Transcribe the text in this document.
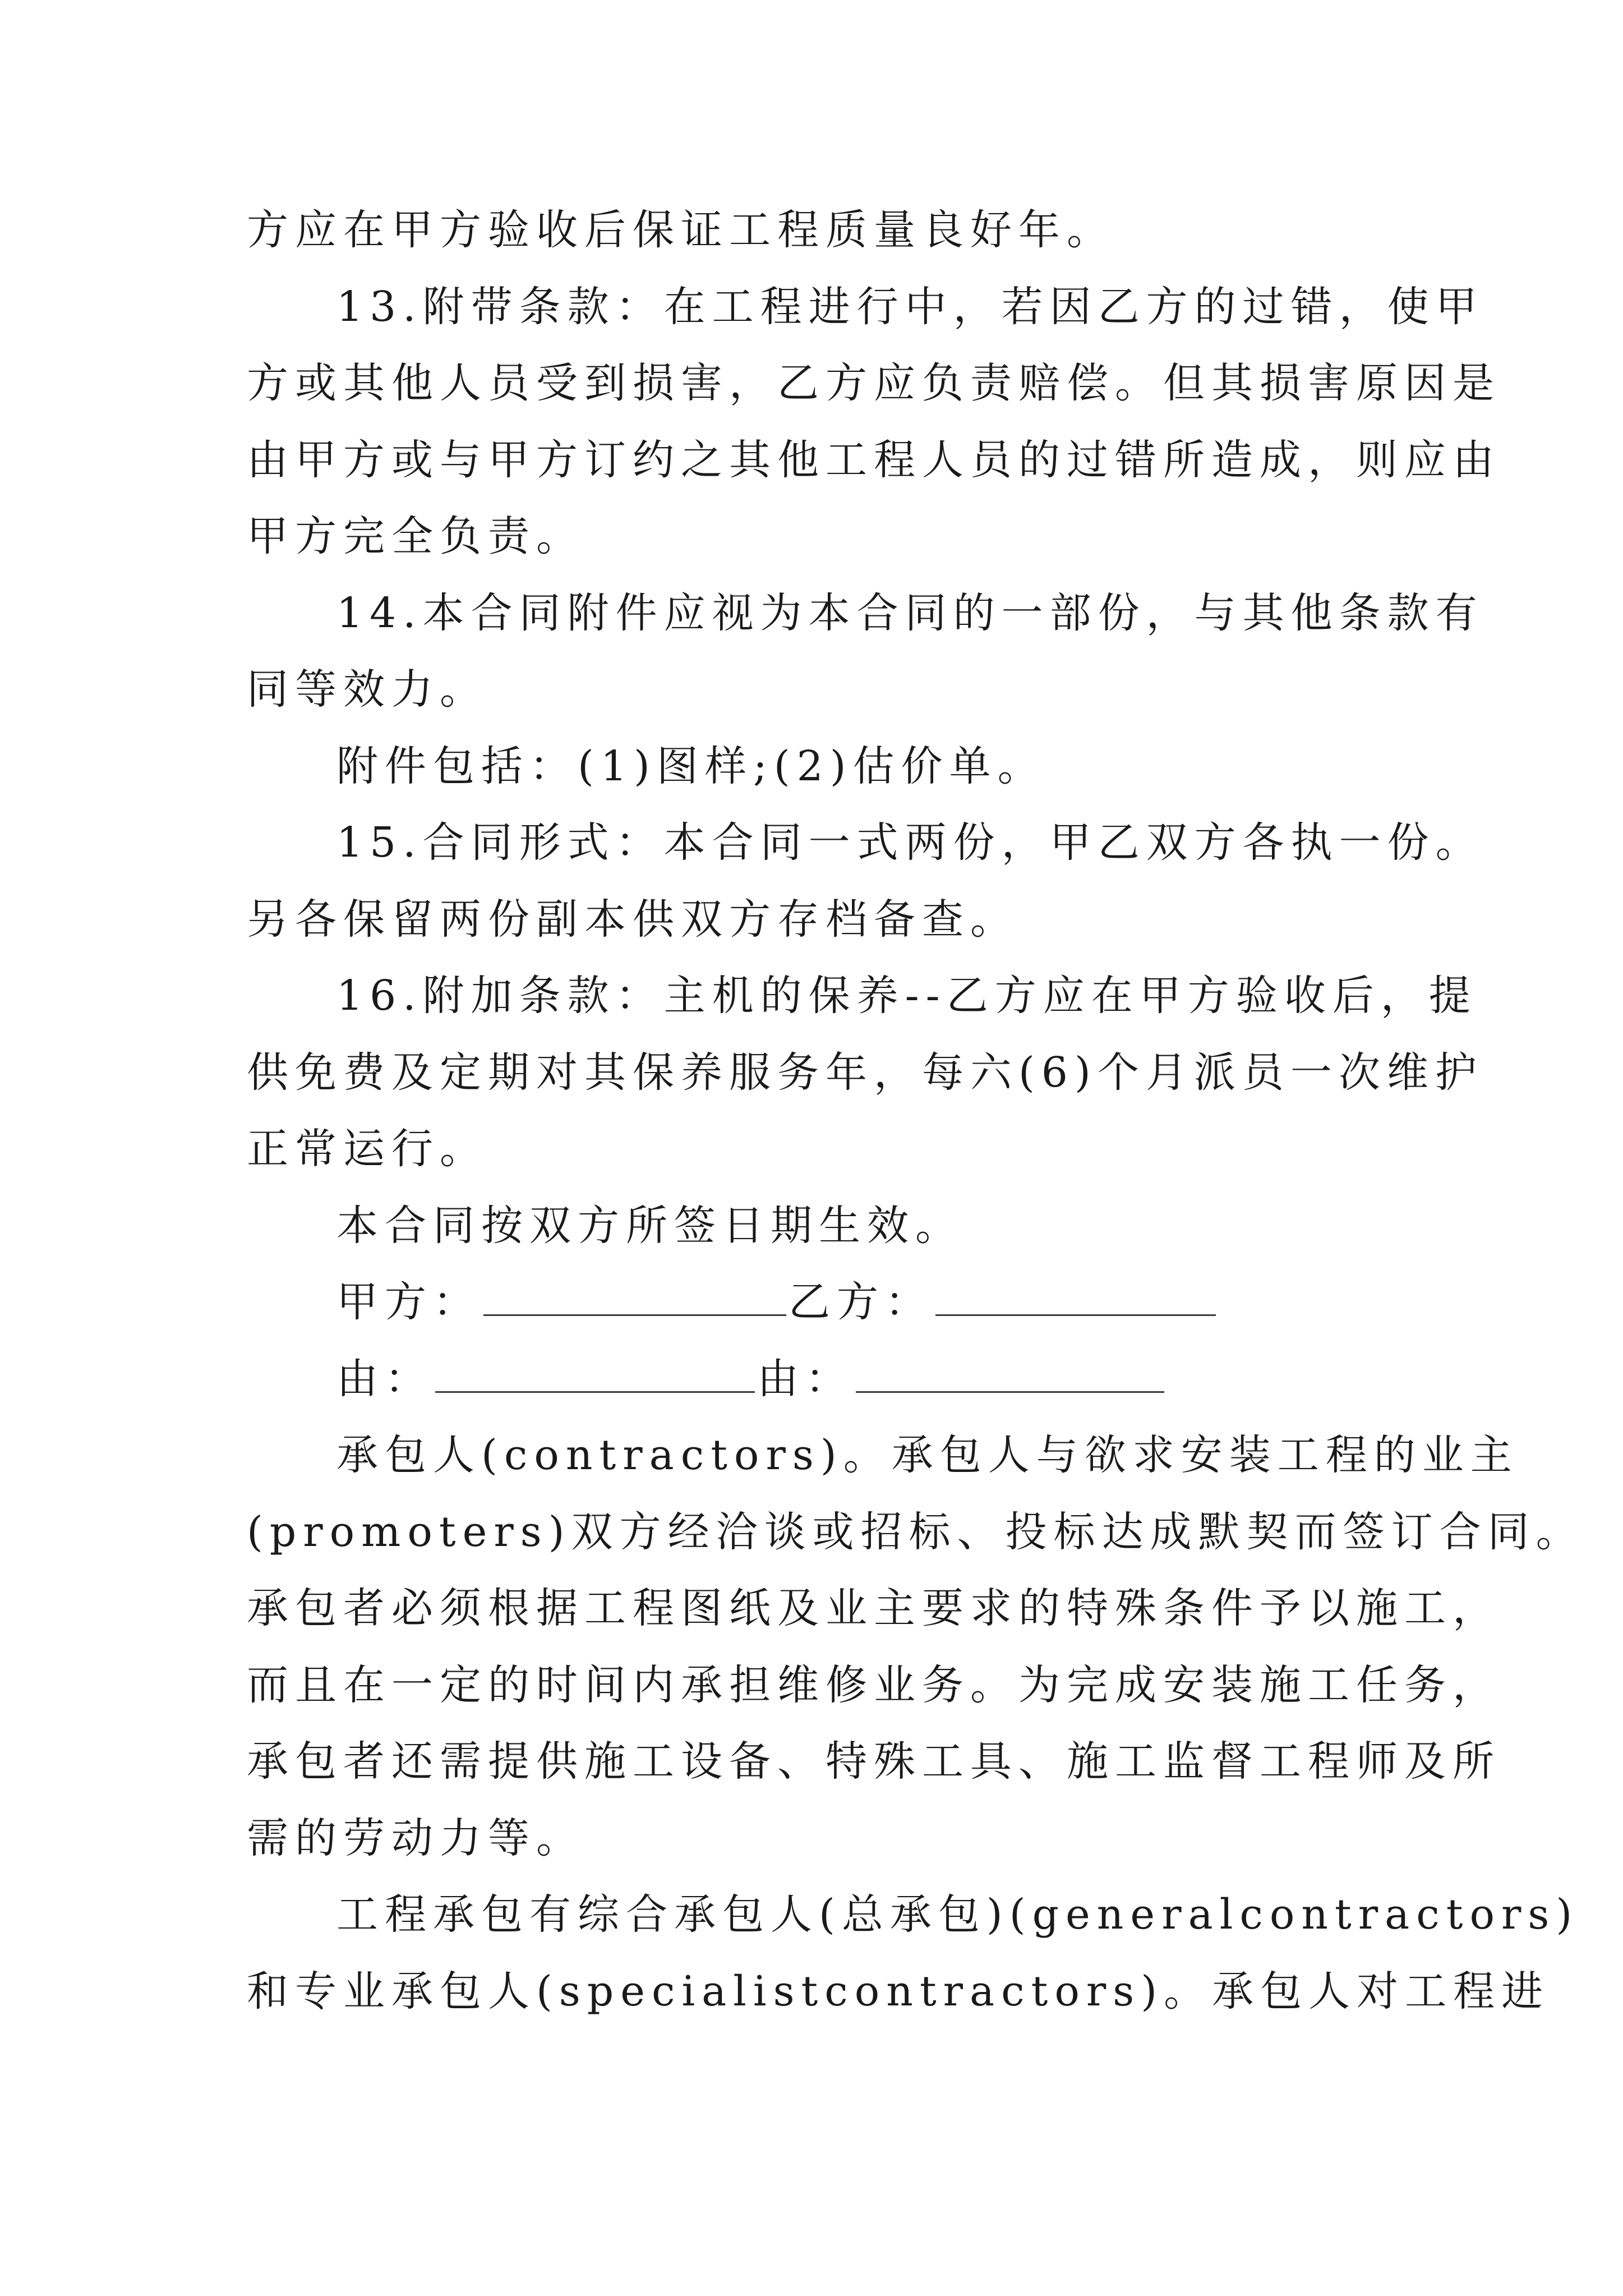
方应在甲方验收后保证工程质量良好年。
13.附带条款：在工程进行中，若因乙方的过错，使甲
方或其他人员受到损害，乙方应负责赔偿。但其损害原因是
由甲方或与甲方订约之其他工程人员的过错所造成，则应由
甲方完全负责。
14.本合同附件应视为本合同的一部份，与其他条款有
同等效力。
附件包括：(1)图样;(2)估价单。
15.合同形式：本合同一式两份，甲乙双方各执一份。
另各保留两份副本供双方存档备查。
16.附加条款：主机的保养--乙方应在甲方验收后，提
供免费及定期对其保养服务年，每六(6)个月派员一次维护
正常运行。
本合同按双方所签日期生效。
甲方：	乙方：
由：	由：
承包人(contractors)。承包人与欲求安装工程的业主
(promoters)双方经洽谈或招标、投标达成默契而签订合同。
承包者必须根据工程图纸及业主要求的特殊条件予以施工，
而且在一定的时间内承担维修业务。为完成安装施工任务，
承包者还需提供施工设备、特殊工具、施工监督工程师及所
需的劳动力等。
工程承包有综合承包人(总承包)(generalcontractors)
和专业承包人(specialistcontractors)。承包人对工程进
